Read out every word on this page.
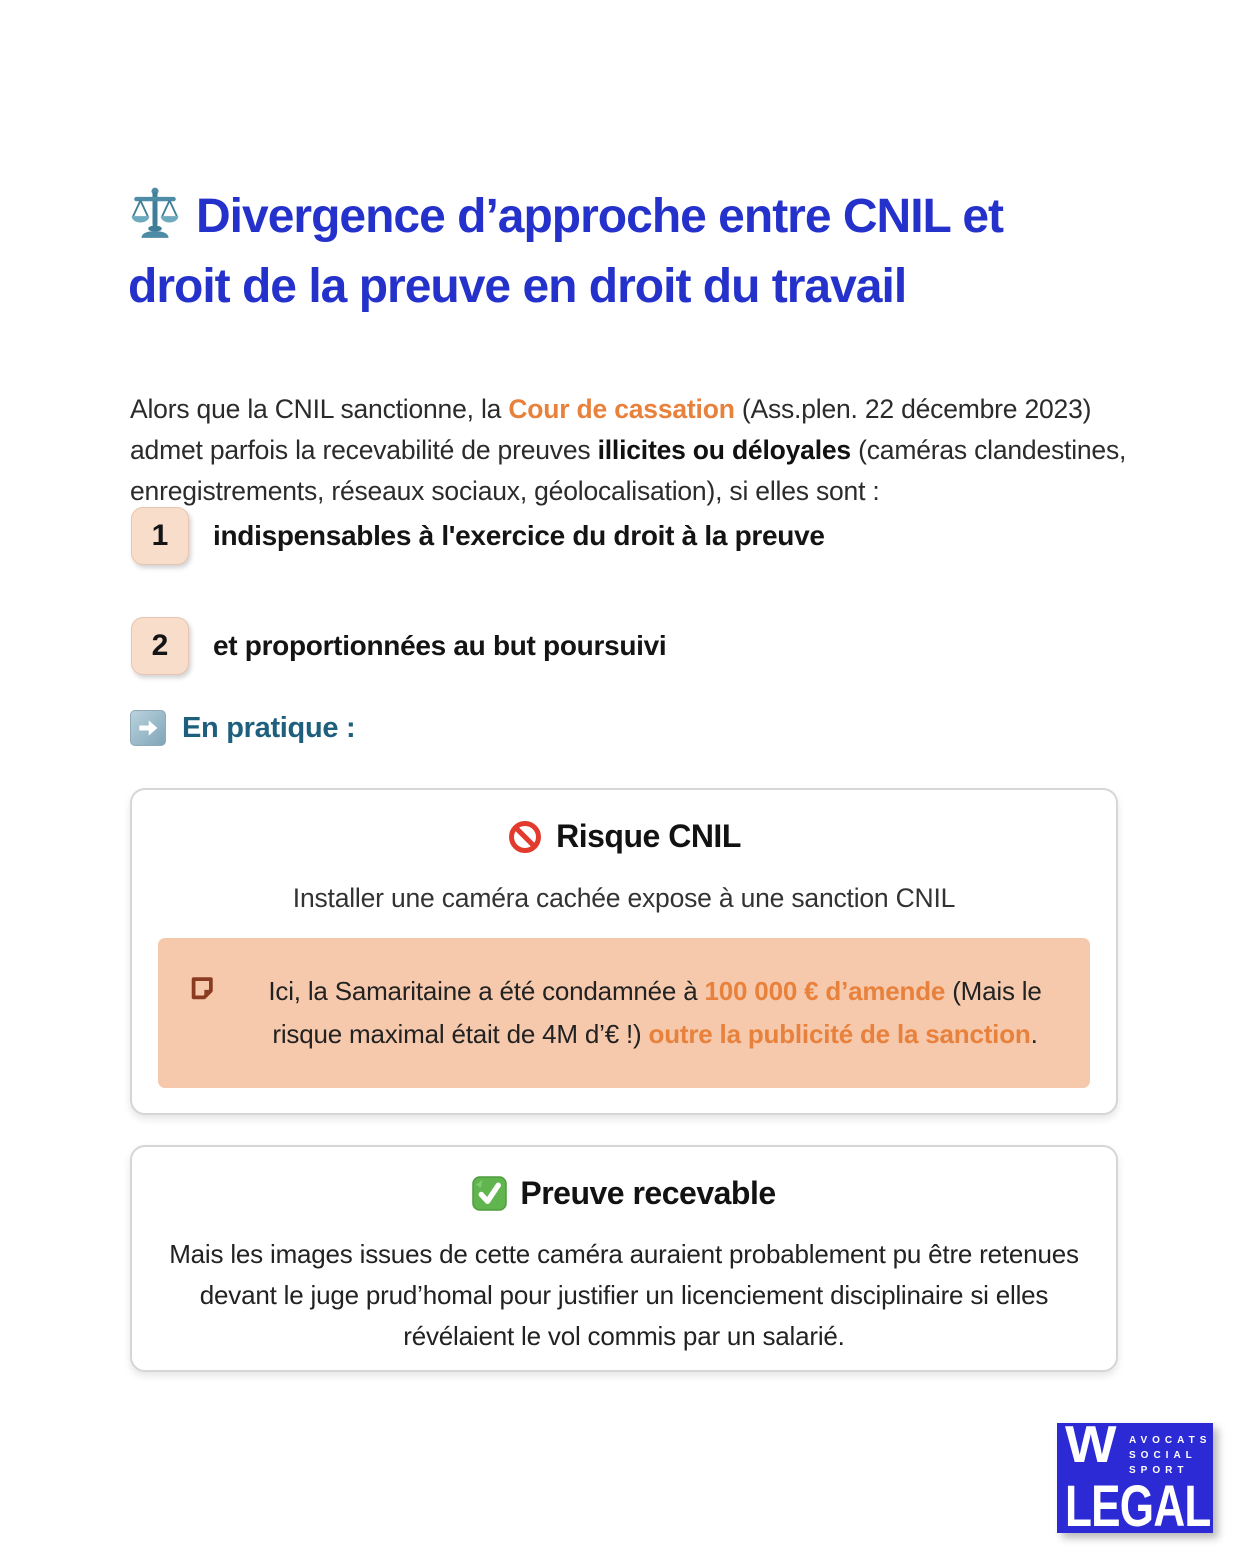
Divergence d’approche entre CNIL et
droit de la preuve en droit du travail

Alors que la CNIL sanctionne, la Cour de cassation (Ass.plen. 22 décembre 2023) admet parfois la recevabilité de preuves illicites ou déloyales (caméras clandestines, enregistrements, réseaux sociaux, géolocalisation), si elles sont :

1	indispensables à l'exercice du droit à la preuve
2	et proportionnées au but poursuivi
En pratique :
Risque CNIL
Installer une caméra cachée expose à une sanction CNIL
Ici, la Samaritaine a été condamnée à 100 000 € d’amende (Mais le risque maximal était de 4M d’€ !) outre la publicité de la sanction.
Preuve recevable
Mais les images issues de cette caméra auraient probablement pu être retenues devant le juge prud’homal pour justifier un licenciement disciplinaire si elles révélaient le vol commis par un salarié.
W AVOCATS
SOCIAL
SPORT
LEGAL
